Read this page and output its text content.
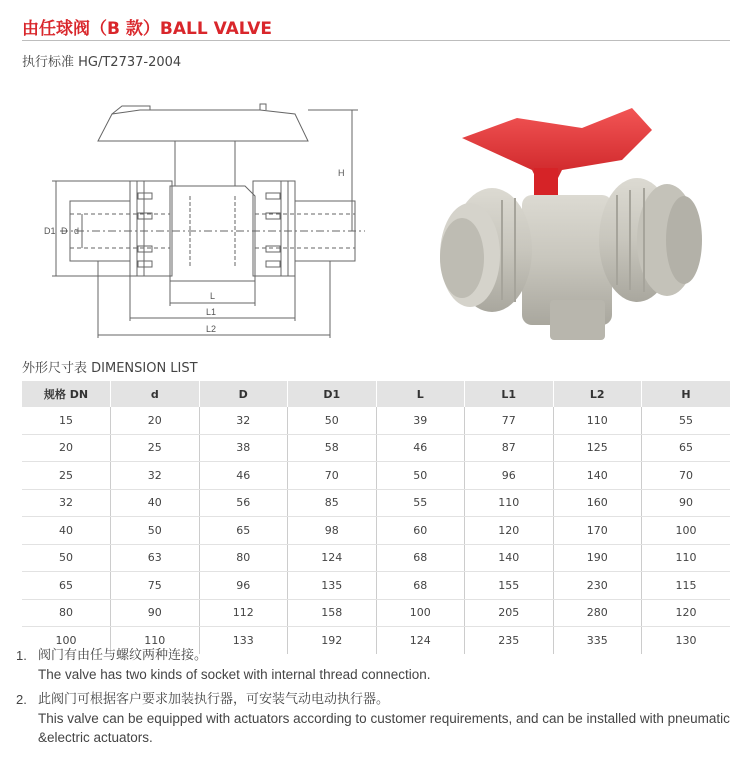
由任球阀（B 款）BALL VALVE
执行标准 HG/T2737-2004
H
D1 D d
L
L1
L2
外形尺寸表 DIMENSION LIST
规格 DN	d	D	D1	L	L1	L2	H
15	20	32	50	39	77	110	55
20	25	38	58	46	87	125	65
25	32	46	70	50	96	140	70
32	40	56	85	55	110	160	90
40	50	65	98	60	120	170	100
50	63	80	124	68	140	190	110
65	75	96	135	68	155	230	115
80	90	112	158	100	205	280	120
100	110	133	192	124	235	335	130
1. 阀门有由任与螺纹两种连接。
The valve has two kinds of socket with internal thread connection.
2. 此阀门可根据客户要求加装执行器，可安装气动电动执行器。
This valve can be equipped with actuators according to customer requirements, and can be installed with pneumatic &electric actuators.
